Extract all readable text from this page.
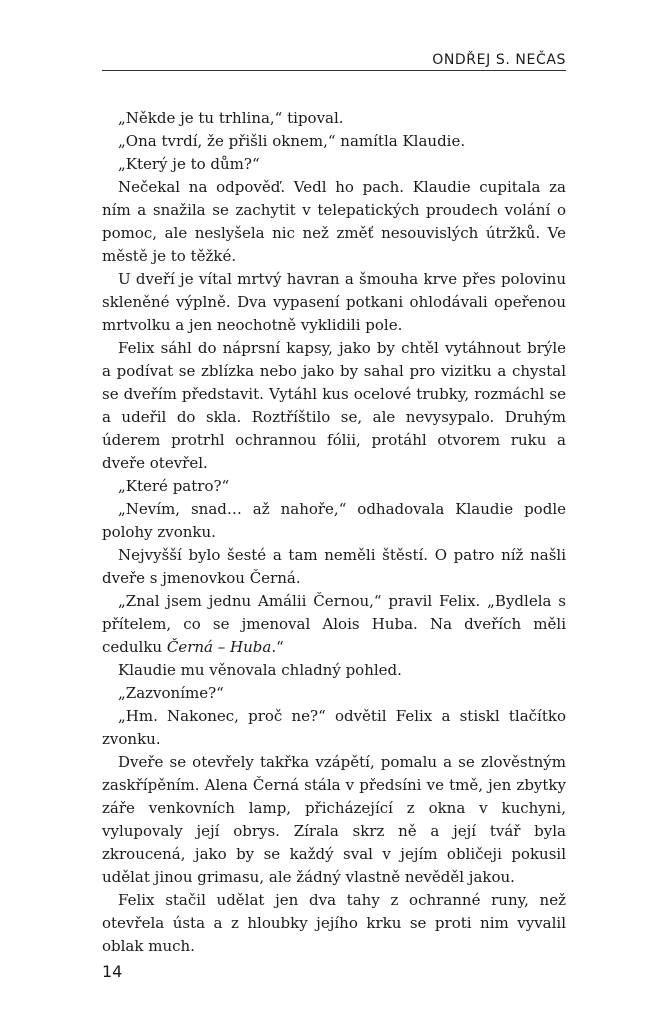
ONDŘEJ S. NEČAS

„Někde je tu trhlina,“ tipoval.

„Ona tvrdí, že přišli oknem,“ namítla Klaudie.

„Který je to dům?“

Nečekal na odpověď. Vedl ho pach. Klaudie cupitala za ním a snažila se zachytit v telepatických proudech volání o pomoc, ale neslyšela nic než změť nesouvislých útržků. Ve městě je to těžké.

U dveří je vítal mrtvý havran a šmouha krve přes polovinu skleněné výplně. Dva vypasení potkani ohlodávali opeřenou mrtvolku a jen neochotně vyklidili pole.

Felix sáhl do náprsní kapsy, jako by chtěl vytáhnout brýle a podívat se zblízka nebo jako by sahal pro vizitku a chystal se dveřím představit. Vytáhl kus ocelové trubky, rozmáchl se a udeřil do skla. Roztříštilo se, ale nevysypalo. Druhým úderem protrhl ochrannou fólii, protáhl otvorem ruku a dveře otevřel.

„Které patro?“

„Nevím, snad… až nahoře,“ odhadovala Klaudie podle polohy zvonku.

Nejvyšší bylo šesté a tam neměli štěstí. O patro níž našli dveře s jmenovkou Černá.

„Znal jsem jednu Amálii Černou,“ pravil Felix. „Bydlela s přítelem, co se jmenoval Alois Huba. Na dveřích měli cedulku Černá – Huba.“

Klaudie mu věnovala chladný pohled.

„Zazvoníme?“

„Hm. Nakonec, proč ne?“ odvětil Felix a stiskl tlačítko zvonku.

Dveře se otevřely takřka vzápětí, pomalu a se zlověstným zaskřípěním. Alena Černá stála v předsíni ve tmě, jen zbytky záře venkovních lamp, přicházející z okna v kuchyni, vylupovaly její obrys. Zírala skrz ně a její tvář byla zkroucená, jako by se každý sval v jejím obličeji pokusil udělat jinou grimasu, ale žádný vlastně nevěděl jakou.

Felix stačil udělat jen dva tahy z ochranné runy, než otevřela ústa a z hloubky jejího krku se proti nim vyvalil oblak much.

14
